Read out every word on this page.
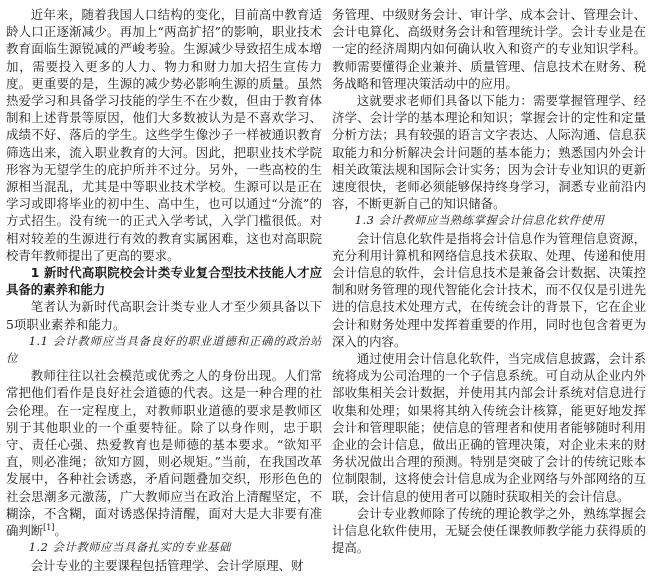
近年来，随着我国人口结构的变化，目前高中教育适龄人口正逐渐减少。再加上“两高扩招”的影响，职业技术教育面临生源锐减的严峻考验。生源减少导致招生成本增加，需要投入更多的人力、物力和财力加大招生宣传力度。更重要的是，生源的减少势必影响生源的质量。虽然热爱学习和具备学习技能的学生不在少数，但由于教育体制和上述背景等原因，他们大多数被认为是不喜欢学习、成绩不好、落后的学生。这些学生像沙子一样被通识教育筛选出来，流入职业教育的大河。因此，把职业技术学院形容为无望学生的庇护所并不过分。另外，一些高校的生源相当混乱，尤其是中等职业技术学校。生源可以是正在学习或即将毕业的初中生、高中生，也可以通过“分流”的方式招生。没有统一的正式入学考试，入学门槛很低。对相对较差的生源进行有效的教育实属困难，这也对高职院校青年教师提出了更高的要求。

1 新时代高职院校会计类专业复合型技术技能人才应具备的素养和能力

笔者认为新时代高职会计类专业人才至少须具备以下5项职业素养和能力。

1.1 会计教师应当具备良好的职业道德和正确的政治站位

教师往往以社会模范或优秀之人的身份出现。人们常常把他们看作是良好社会道德的代表。这是一种合理的社会伦理。在一定程度上，对教师职业道德的要求是教师区别于其他职业的一个重要特征。除了以身作则，忠于职守、责任心强、热爱教育也是师德的基本要求。“欲知平直，则必准绳；欲知方圆，则必规矩。”当前，在我国改革发展中，各种社会诱惑，矛盾问题叠加交织，形形色色的社会思潮多元激荡，广大教师应当在政治上清醒坚定，不糊涂，不含糊，面对诱惑保持清醒，面对大是大非要有准确判断[1]。

1.2 会计教师应当具备扎实的专业基础

会计专业的主要课程包括管理学、会计学原理、财

务管理、中级财务会计、审计学、成本会计、管理会计、会计电算化、高级财务会计和管理统计学。会计专业是在一定的经济周期内如何确认收入和资产的专业知识学科。教师需要懂得企业兼并、质量管理、信息技术在财务、税务战略和管理决策活动中的应用。

这就要求老师们具备以下能力：需要掌握管理学、经济学、会计学的基本理论和知识；掌握会计的定性和定量分析方法；具有较强的语言文字表达、人际沟通、信息获取能力和分析解决会计问题的基本能力；熟悉国内外会计相关政策法规和国际会计实务；因为会计专业知识的更新速度很快，老师必须能够保持终身学习，洞悉专业前沿内容，不断更新自己的知识储备。

1.3 会计教师应当熟练掌握会计信息化软件使用

会计信息化软件是指将会计信息作为管理信息资源，充分利用计算机和网络信息技术获取、处理、传递和使用会计信息的软件，会计信息技术是兼备会计数据、决策控制和财务管理的现代智能化会计技术，而不仅仅是引进先进的信息技术处理方式，在传统会计的背景下，它在企业会计和财务处理中发挥着重要的作用，同时也包含着更为深入的内容。

通过使用会计信息化软件，当完成信息披露，会计系统将成为公司治理的一个子信息系统。可自动从企业内外部收集相关会计数据，并使用其内部会计系统对信息进行收集和处理；如果将其纳入传统会计核算，能更好地发挥会计和管理职能；使信息的管理者和使用者能够随时利用企业的会计信息，做出正确的管理决策，对企业未来的财务状况做出合理的预测。特别是突破了会计的传统记账本位制限制，这将使会计信息成为企业网络与外部网络的互联，会计信息的使用者可以随时获取相关的会计信息。

会计专业教师除了传统的理论教学之外，熟练掌握会计信息化软件使用，无疑会使任课教师教学能力获得质的提高。
